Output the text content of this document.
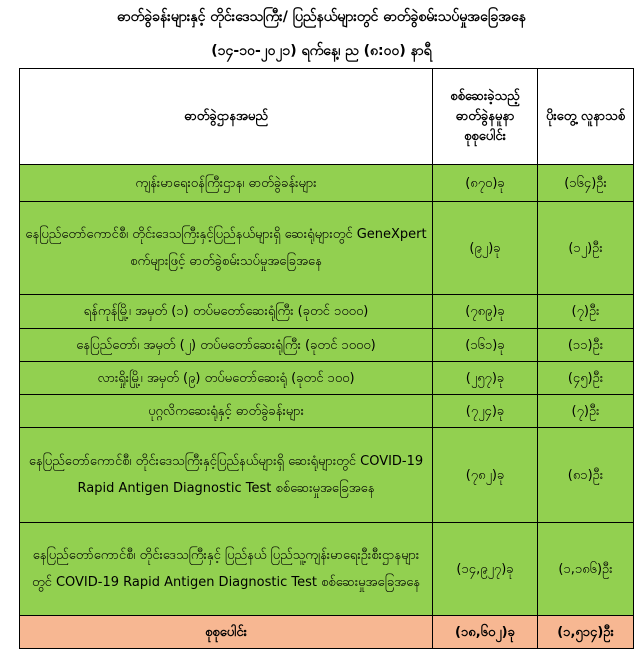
ဓာတ်ခွဲခန်းများနှင့် တိုင်းဒေသကြီး/ ပြည်နယ်များတွင် ဓာတ်ခွဲစမ်းသပ်မှုအခြေအနေ
(၁၄-၁၀-၂၀၂၁) ရက်နေ့၊ ည (၈:၀၀) နာရီ
ဓာတ်ခွဲဌာနအမည်	စစ်ဆေးခဲ့သည့် ဓာတ်ခွဲနမူနာ စုစုပေါင်း	ပိုးတွေ့ လူနာသစ်
ကျန်းမာရေးဝန်ကြီးဌာန၊ ဓာတ်ခွဲခန်းများ	(၈၇၀)ခု	(၁၆၄)ဦး
နေပြည်တော်ကောင်စီ၊ တိုင်းဒေသကြီးနှင့်ပြည်နယ်များရှိ ဆေးရုံများတွင် GeneXpert စက်များဖြင့် ဓာတ်ခွဲစမ်းသပ်မှုအခြေအနေ	(၉၂)ခု	(၁၂)ဦး
ရန်ကုန်မြို့၊ အမှတ် (၁) တပ်မတော်ဆေးရုံကြီး (ခုတင် ၁၀၀၀)	(၇၈၉)ခု	(၇)ဦး
နေပြည်တော်၊ အမှတ် (၂) တပ်မတော်ဆေးရုံကြီး (ခုတင် ၁၀၀၀)	(၁၆၁)ခု	(၁၁)ဦး
လားရှိုးမြို့၊ အမှတ် (၉) တပ်မတော်ဆေးရုံ (ခုတင် ၁၀၀)	(၂၅၇)ခု	(၄၅)ဦး
ပုဂ္ဂလိကဆေးရုံနှင့် ဓာတ်ခွဲခန်းများ	(၇၂၄)ခု	(၇)ဦး
နေပြည်တော်ကောင်စီ၊ တိုင်းဒေသကြီးနှင့်ပြည်နယ်များရှိ ဆေးရုံများတွင် COVID-19 Rapid Antigen Diagnostic Test စစ်ဆေးမှုအခြေအနေ	(၇၈၂)ခု	(၈၁)ဦး
နေပြည်တော်ကောင်စီ၊ တိုင်းဒေသကြီးနှင့် ပြည်နယ် ပြည်သူ့ကျန်းမာရေးဦးစီးဌာနများတွင် COVID-19 Rapid Antigen Diagnostic Test စစ်ဆေးမှုအခြေအနေ	(၁၄,၉၂၇)ခု	(၁,၁၈၆)ဦး
စုစုပေါင်း	(၁၈,၆၀၂)ခု	(၁,၅၁၄)ဦး
